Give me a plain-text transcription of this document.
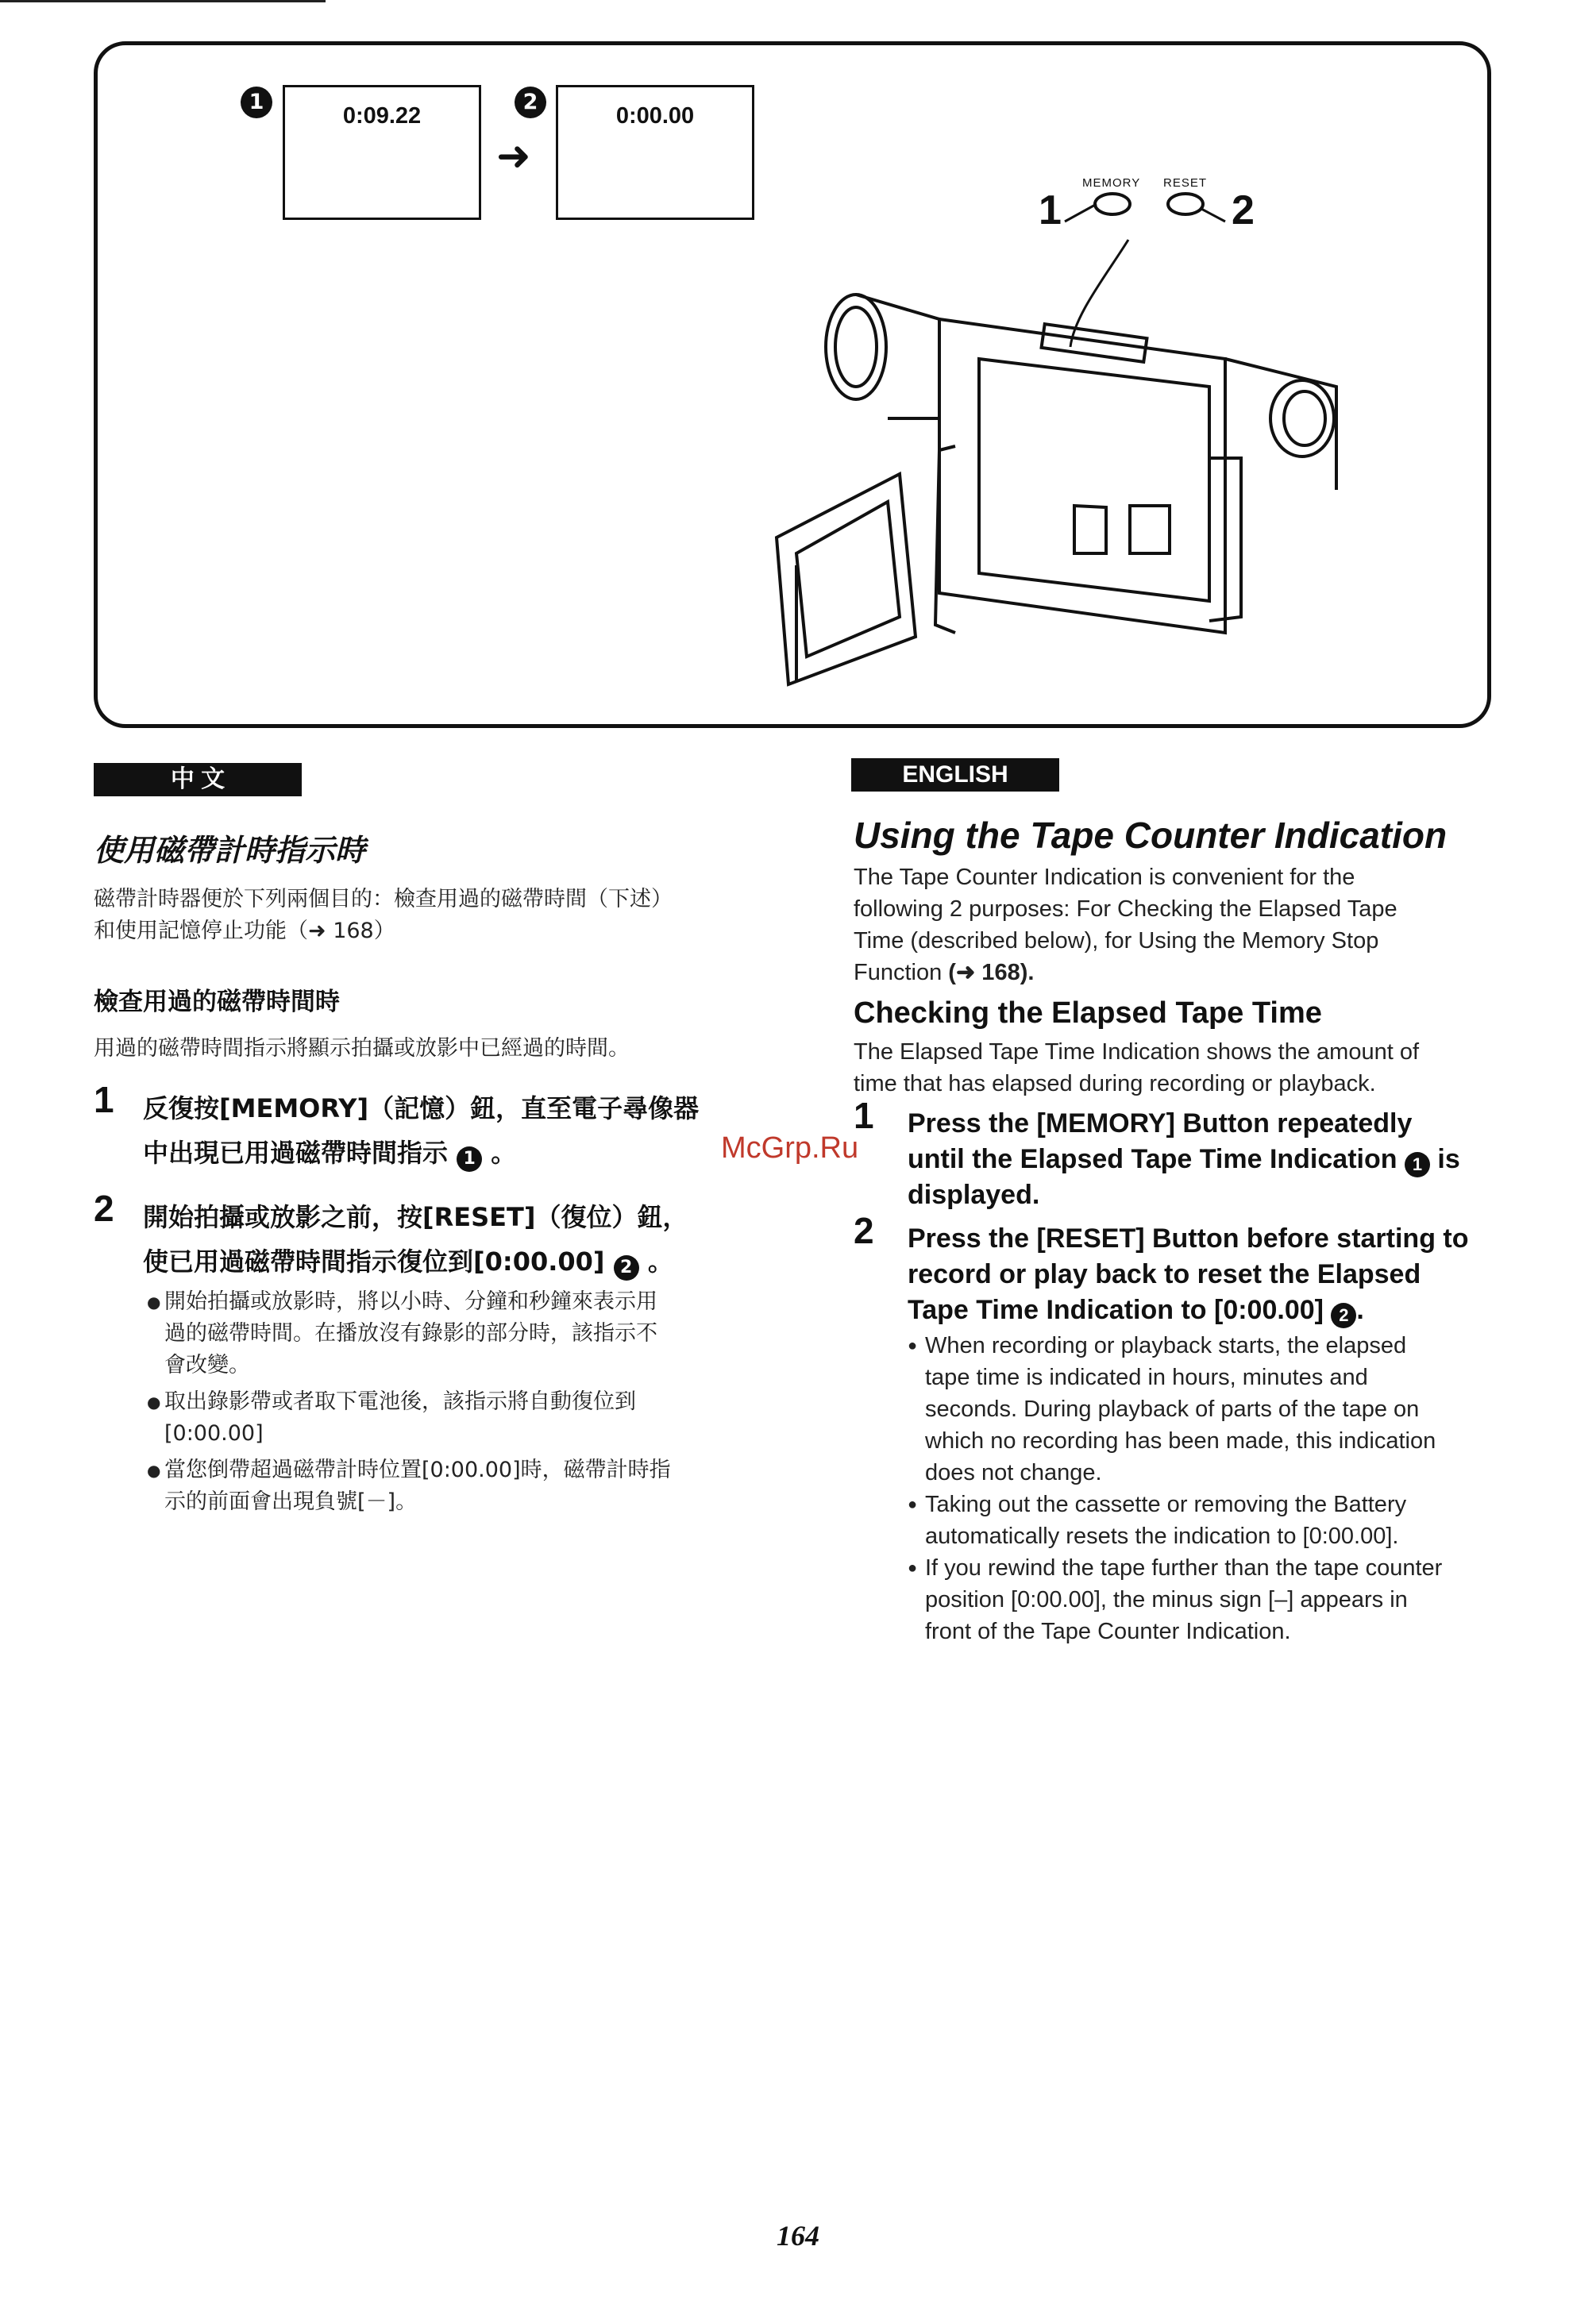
1
0:09.22
➜
2
0:00.00
MEMORY RESET
1	2
中 文
使用磁帶計時指示時
磁帶計時器便於下列兩個目的：檢查用過的磁帶時間（下述）
和使用記憶停止功能（➜ 168）
檢查用過的磁帶時間時
用過的磁帶時間指示將顯示拍攝或放影中已經過的時間。
1 反復按[MEMORY]（記憶）鈕，直至電子尋像器
中出現已用過磁帶時間指示 1 。
2 開始拍攝或放影之前，按[RESET]（復位）鈕，
使已用過磁帶時間指示復位到[0:00.00] 2 。
● 開始拍攝或放影時，將以小時、分鐘和秒鐘來表示用
過的磁帶時間。在播放沒有錄影的部分時，該指示不
會改變。
● 取出錄影帶或者取下電池後，該指示將自動復位到
[0:00.00]
● 當您倒帶超過磁帶計時位置[0:00.00]時，磁帶計時指
示的前面會出現負號[－]。
ENGLISH
Using the Tape Counter Indication
The Tape Counter Indication is convenient for the
following 2 purposes: For Checking the Elapsed Tape
Time (described below), for Using the Memory Stop
Function (➜ 168).
Checking the Elapsed Tape Time
The Elapsed Tape Time Indication shows the amount of
time that has elapsed during recording or playback.
1 Press the [MEMORY] Button repeatedly
until the Elapsed Tape Time Indication 1 is
displayed.
2 Press the [RESET] Button before starting to
record or play back to reset the Elapsed
Tape Time Indication to [0:00.00] 2 .
● When recording or playback starts, the elapsed
tape time is indicated in hours, minutes and
seconds. During playback of parts of the tape on
which no recording has been made, this indication
does not change.
● Taking out the cassette or removing the Battery
automatically resets the indication to [0:00.00].
● If you rewind the tape further than the tape counter
position [0:00.00], the minus sign [–] appears in
front of the Tape Counter Indication.
McGrp.Ru
164
